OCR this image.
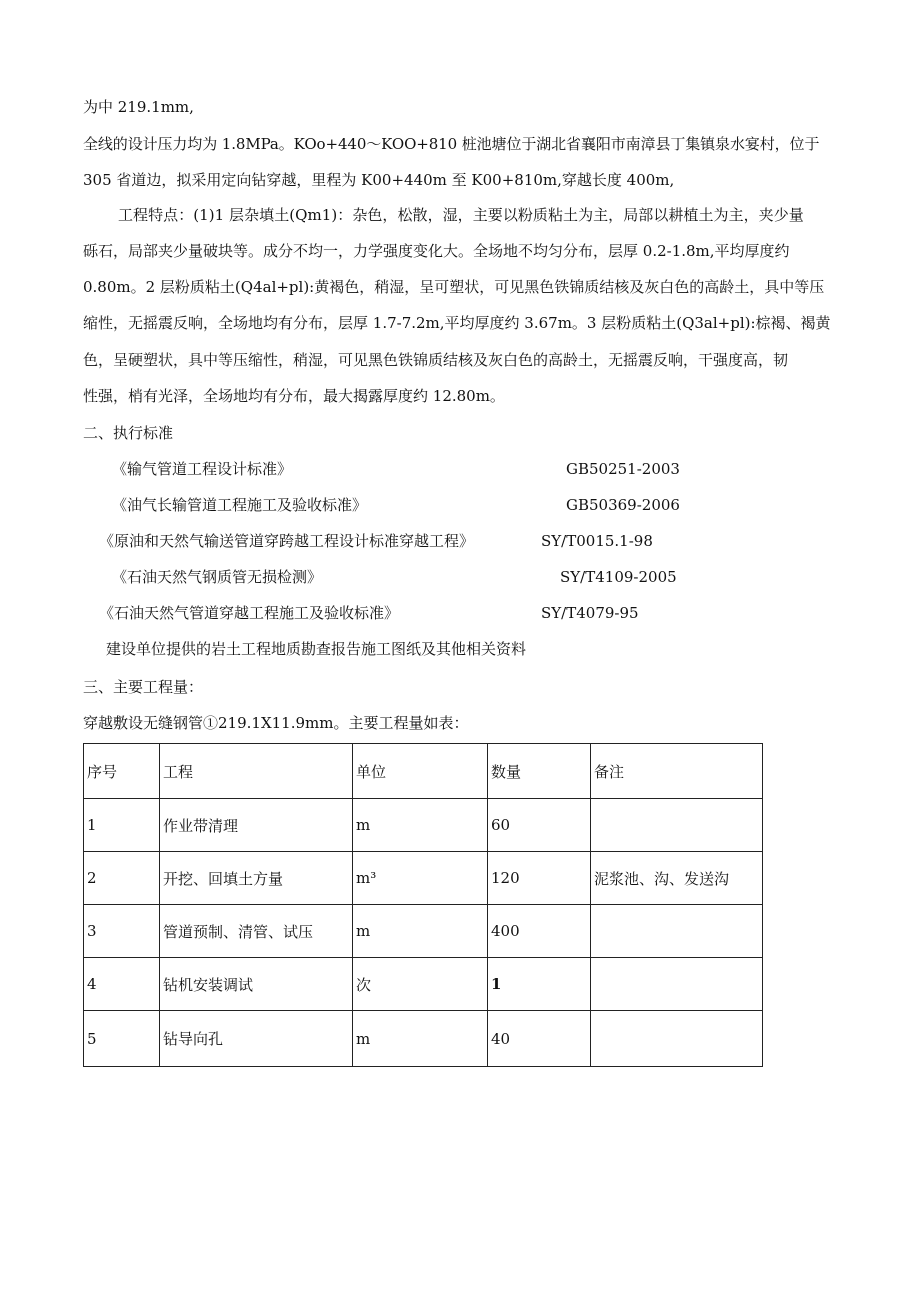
为中 219.1mm,
全线的设计压力均为 1.8MPa。KOo+440～KOO+810 桩池塘位于湖北省襄阳市南漳县丁集镇泉水宴村，位于
305 省道边，拟采用定向钻穿越，里程为 K00+440m 至 K00+810m,穿越长度 400m,
工程特点：(1)1 层杂填土(Qm1)：杂色，松散，湿，主要以粉质粘土为主，局部以耕植土为主，夹少量
砾石，局部夹少量破块等。成分不均一，力学强度变化大。全场地不均匀分布，层厚 0.2-1.8m,平均厚度约
0.80m。2 层粉质粘土(Q4al+pl):黄褐色，稍湿，呈可塑状，可见黑色铁锦质结核及灰白色的高龄土，具中等压
缩性，无摇震反响，全场地均有分布，层厚 1.7-7.2m,平均厚度约 3.67m。3 层粉质粘土(Q3al+pl):棕褐、褐黄
色，呈硬塑状，具中等压缩性，稍湿，可见黑色铁锦质结核及灰白色的高龄土，无摇震反响，干强度高，韧
性强，梢有光泽，全场地均有分布，最大揭露厚度约 12.80m。
二、执行标准
《输气管道工程设计标准》	GB50251-2003
《油气长输管道工程施工及验收标准》	GB50369-2006
《原油和天然气输送管道穿跨越工程设计标准穿越工程》	SY/T0015.1-98
《石油天然气钢质管无损检测》	SY/T4109-2005
《石油天然气管道穿越工程施工及验收标准》	SY/T4079-95
建设单位提供的岩土工程地质勘查报告施工图纸及其他相关资料
三、主要工程量：
穿越敷设无缝钢管①219.1X11.9mm。主要工程量如表：
序号	工程	单位	数量	备注
1	作业带清理	m	60	
2	开挖、回填土方量	m³	120	泥浆池、沟、发送沟
3	管道预制、清管、试压	m	400	
4	钻机安装调试	次	1	
5	钻导向孔	m	40	
